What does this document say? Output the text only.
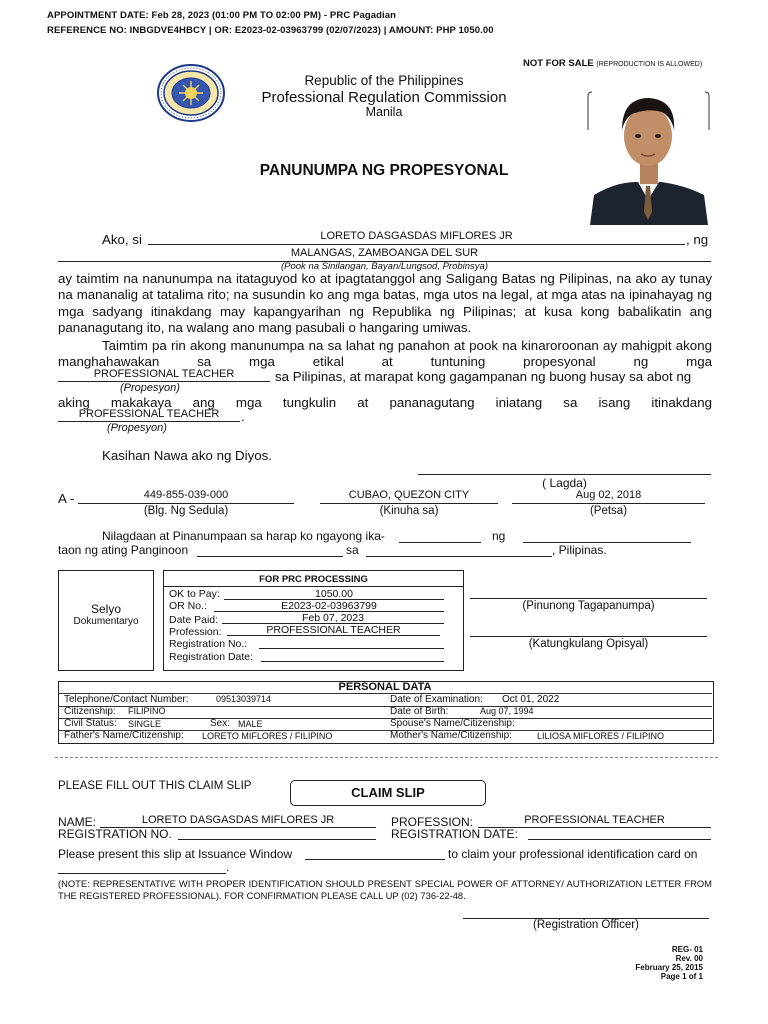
APPOINTMENT DATE: Feb 28, 2023 (01:00 PM TO 02:00 PM) - PRC Pagadian
REFERENCE NO: INBGDVE4HBCY | OR: E2023-02-03963799 (02/07/2023) | AMOUNT: PHP 1050.00
NOT FOR SALE (REPRODUCTION IS ALLOWED)
Republic of the Philippines
Professional Regulation Commission
Manila
PANUNUMPA NG PROPESYONAL
Ako, si	LORETO DASGASDAS MIFLORES JR	, ng
MALANGAS, ZAMBOANGA DEL SUR
(Pook na Sinilangan, Bayan/Lungsod, Probinsya)
ay taimtim na nanunumpa na itataguyod ko at ipagtatanggol ang Saligang Batas ng Pilipinas, na ako ay tunay na mananalig at tatalima rito; na susundin ko ang mga batas, mga utos na legal, at mga atas na ipinahayag ng mga sadyang itinakdang may kapangyarihan ng Republika ng Pilipinas; at kusa kong babalikatin ang pananagutang ito, na walang ano mang pasubali o hangaring umiwas.
Taimtim pa rin akong manunumpa na sa lahat ng panahon at pook na kinaroroonan ay mahigpit akong manghahawakan sa mga etikal at tuntuning propesyonal ng mga
PROFESSIONAL TEACHER	sa Pilipinas, at marapat kong gagampanan ng buong husay sa abot ng
(Propesyon)
aking makakaya ang mga tungkulin at pananagutang iniatang sa isang itinakdang
PROFESSIONAL TEACHER	.
(Propesyon)
Kasihan Nawa ako ng Diyos.
( Lagda)
A -	449-855-039-000
(Blg. Ng Sedula)
CUBAO, QUEZON CITY
(Kinuha sa)
Aug 02, 2018
(Petsa)
Nilagdaan at Pinanumpaan sa harap ko ngayong ika-	ng
taon ng ating Panginoon	sa	, Pilipinas.
Selyo
Dokumentaryo
FOR PRC PROCESSING
OK to Pay:	1050.00
OR No.:	E2023-02-03963799
Date Paid:	Feb 07, 2023
Profession:	PROFESSIONAL TEACHER
Registration No.:
Registration Date:
(Pinunong Tagapanumpa)
(Katungkulang Opisyal)
PERSONAL DATA
Telephone/Contact Number:	09513039714	Date of Examination: Oct 01, 2022
Citizenship: FILIPINO	Date of Birth:	Aug 07, 1994
Civil Status: SINGLE	Sex: MALE	Spouse's Name/Citizenship:
Father's Name/Citizenship: LORETO MIFLORES / FILIPINO	Mother's Name/Citizenship:	LILIOSA MIFLORES / FILIPINO
PLEASE FILL OUT THIS CLAIM SLIP	CLAIM SLIP
NAME:	LORETO DASGASDAS MIFLORES JR	PROFESSION:	PROFESSIONAL TEACHER
REGISTRATION NO.	REGISTRATION DATE:
Please present this slip at Issuance Window	to claim your professional identification card on
.
(NOTE: REPRESENTATIVE WITH PROPER IDENTIFICATION SHOULD PRESENT SPECIAL POWER OF ATTORNEY/ AUTHORIZATION LETTER FROM THE REGISTERED PROFESSIONAL). FOR CONFIRMATION PLEASE CALL UP (02) 736-22-48.
(Registration Officer)
REG- 01
Rev. 00
February 25, 2015
Page 1 of 1
